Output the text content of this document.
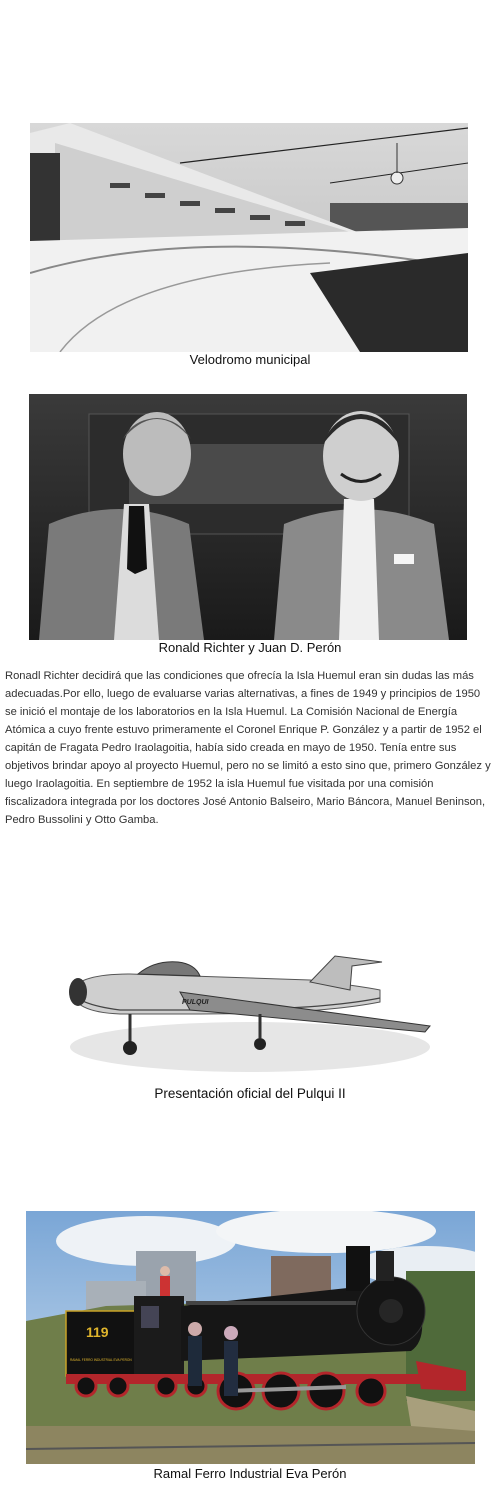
Velodromo municipal
Ronald Richter y Juan D. Perón
Ronadl Richter decidirá que las condiciones que ofrecía la Isla Huemul eran sin dudas las más adecuadas.Por ello, luego de evaluarse varias alternativas, a fines de 1949 y principios de 1950 se inició el montaje de los laboratorios en la Isla Huemul. La Comisión Nacional de Energía Atómica a cuyo frente estuvo primeramente el Coronel Enrique P. González y a partir de 1952 el capitán de Fragata Pedro Iraolagoitia, había sido creada en mayo de 1950. Tenía entre sus objetivos brindar apoyo al proyecto Huemul, pero no se limitó a esto sino que, primero González y luego Iraolagoitia. En septiembre de 1952 la isla Huemul fue visitada por una comisión fiscalizadora integrada por los doctores José Antonio Balseiro, Mario Báncora, Manuel Beninson, Pedro Bussolini y Otto Gamba.
PULQUI
Presentación oficial del Pulqui II
119
RAMAL FERRO INDUSTRIAL EVA PERON
Ramal Ferro Industrial Eva Perón
